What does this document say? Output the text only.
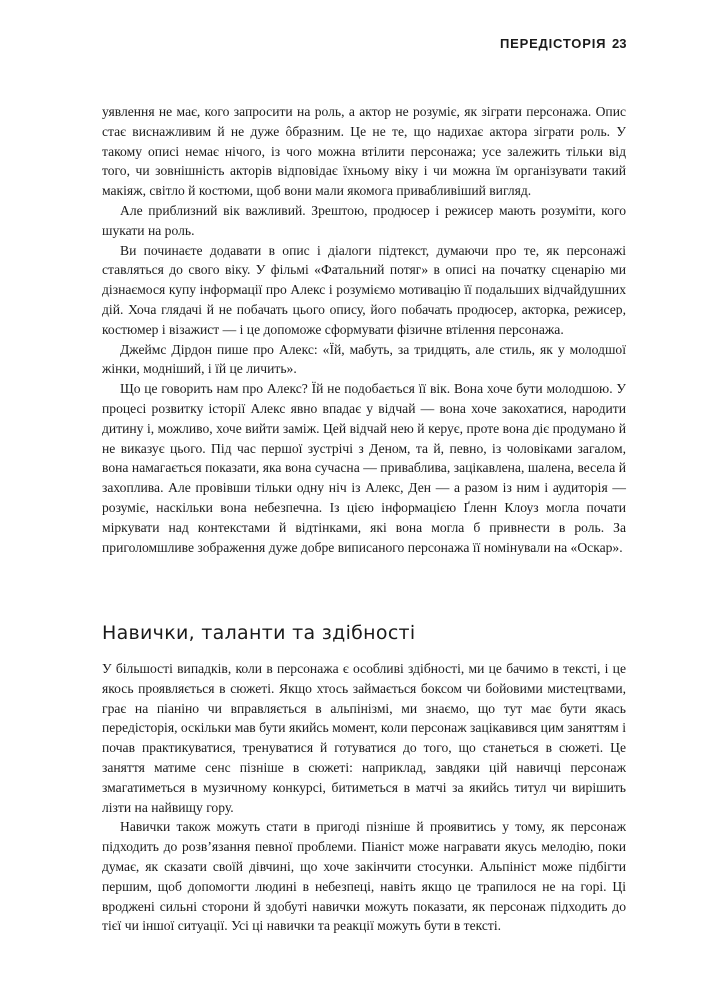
ПЕРЕДІСТОРІЯ 23

уявлення не має, кого запросити на роль, а актор не розуміє, як зіграти персонажа. Опис стає виснажливим й не дуже ôбразним. Це не те, що надихає актора зіграти роль. У такому описі немає нічого, із чого можна втілити персонажа; усе залежить тільки від того, чи зовнішність акторів відповідає їхньому віку і чи можна їм організувати такий макіяж, світло й костюми, щоб вони мали якомога привабливіший вигляд.

Але приблизний вік важливий. Зрештою, продюсер і режисер мають розуміти, кого шукати на роль.

Ви починаєте додавати в опис і діалоги підтекст, думаючи про те, як персонажі ставляться до свого віку. У фільмі «Фатальний потяг» в описі на початку сценарію ми дізнаємося купу інформації про Алекс і розуміємо мотивацію її подальших відчайдушних дій. Хоча глядачі й не побачать цього опису, його побачать продюсер, акторка, режисер, костюмер і візажист — і це допоможе сформувати фізичне втілення персонажа.

Джеймс Дірдон пише про Алекс: «Їй, мабуть, за тридцять, але стиль, як у молодшої жінки, модніший, і їй це личить».

Що це говорить нам про Алекс? Їй не подобається її вік. Вона хоче бути молодшою. У процесі розвитку історії Алекс явно впадає у відчай — вона хоче закохатися, народити дитину і, можливо, хоче вийти заміж. Цей відчай нею й керує, проте вона діє продумано й не виказує цього. Під час першої зустрічі з Деном, та й, певно, із чоловіками загалом, вона намагається показати, яка вона сучасна — приваблива, зацікавлена, шалена, весела й захоплива. Але провівши тільки одну ніч із Алекс, Ден — а разом із ним і аудиторія — розуміє, наскільки вона небезпечна. Із цією інформацією Ґленн Клоуз могла почати міркувати над контекстами й відтінками, які вона могла б привнести в роль. За приголомшливе зображення дуже добре виписаного персонажа її номінували на «Оскар».

Навички, таланти та здібності

У більшості випадків, коли в персонажа є особливі здібності, ми це бачимо в тексті, і це якось проявляється в сюжеті. Якщо хтось займається боксом чи бойовими мистецтвами, грає на піаніно чи вправляється в альпінізмі, ми знаємо, що тут має бути якась передісторія, оскільки мав бути якийсь момент, коли персонаж зацікавився цим заняттям і почав практикуватися, тренуватися й готуватися до того, що станеться в сюжеті. Це заняття матиме сенс пізніше в сюжеті: наприклад, завдяки цій навичці персонаж змагатиметься в музичному конкурсі, битиметься в матчі за якийсь титул чи вирішить лізти на найвищу гору.

Навички також можуть стати в пригоді пізніше й проявитись у тому, як персонаж підходить до розв’язання певної проблеми. Піаніст може награвати якусь мелодію, поки думає, як сказати своїй дівчині, що хоче закінчити стосунки. Альпініст може підбігти першим, щоб допомогти людині в небезпеці, навіть якщо це трапилося не на горі. Ці вроджені сильні сторони й здобуті навички можуть показати, як персонаж підходить до тієї чи іншої ситуації. Усі ці навички та реакції можуть бути в тексті.
